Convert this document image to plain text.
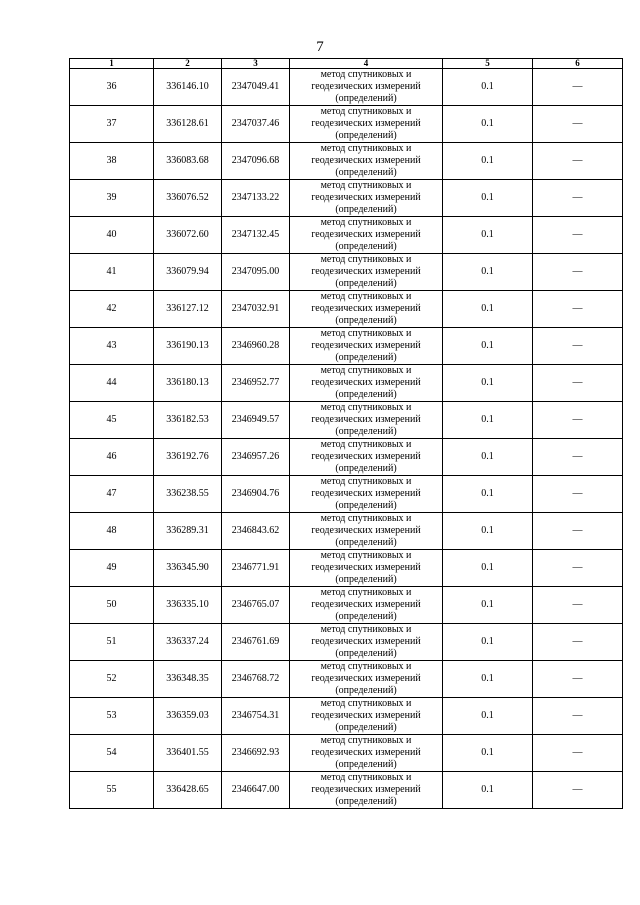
7
1	2	3	4	5	6
36	336146.10	2347049.41	метод спутниковых и
геодезических измерений
(определений)	0.1	—
37	336128.61	2347037.46	метод спутниковых и
геодезических измерений
(определений)	0.1	—
38	336083.68	2347096.68	метод спутниковых и
геодезических измерений
(определений)	0.1	—
39	336076.52	2347133.22	метод спутниковых и
геодезических измерений
(определений)	0.1	—
40	336072.60	2347132.45	метод спутниковых и
геодезических измерений
(определений)	0.1	—
41	336079.94	2347095.00	метод спутниковых и
геодезических измерений
(определений)	0.1	—
42	336127.12	2347032.91	метод спутниковых и
геодезических измерений
(определений)	0.1	—
43	336190.13	2346960.28	метод спутниковых и
геодезических измерений
(определений)	0.1	—
44	336180.13	2346952.77	метод спутниковых и
геодезических измерений
(определений)	0.1	—
45	336182.53	2346949.57	метод спутниковых и
геодезических измерений
(определений)	0.1	—
46	336192.76	2346957.26	метод спутниковых и
геодезических измерений
(определений)	0.1	—
47	336238.55	2346904.76	метод спутниковых и
геодезических измерений
(определений)	0.1	—
48	336289.31	2346843.62	метод спутниковых и
геодезических измерений
(определений)	0.1	—
49	336345.90	2346771.91	метод спутниковых и
геодезических измерений
(определений)	0.1	—
50	336335.10	2346765.07	метод спутниковых и
геодезических измерений
(определений)	0.1	—
51	336337.24	2346761.69	метод спутниковых и
геодезических измерений
(определений)	0.1	—
52	336348.35	2346768.72	метод спутниковых и
геодезических измерений
(определений)	0.1	—
53	336359.03	2346754.31	метод спутниковых и
геодезических измерений
(определений)	0.1	—
54	336401.55	2346692.93	метод спутниковых и
геодезических измерений
(определений)	0.1	—
55	336428.65	2346647.00	метод спутниковых и
геодезических измерений
(определений)	0.1	—
